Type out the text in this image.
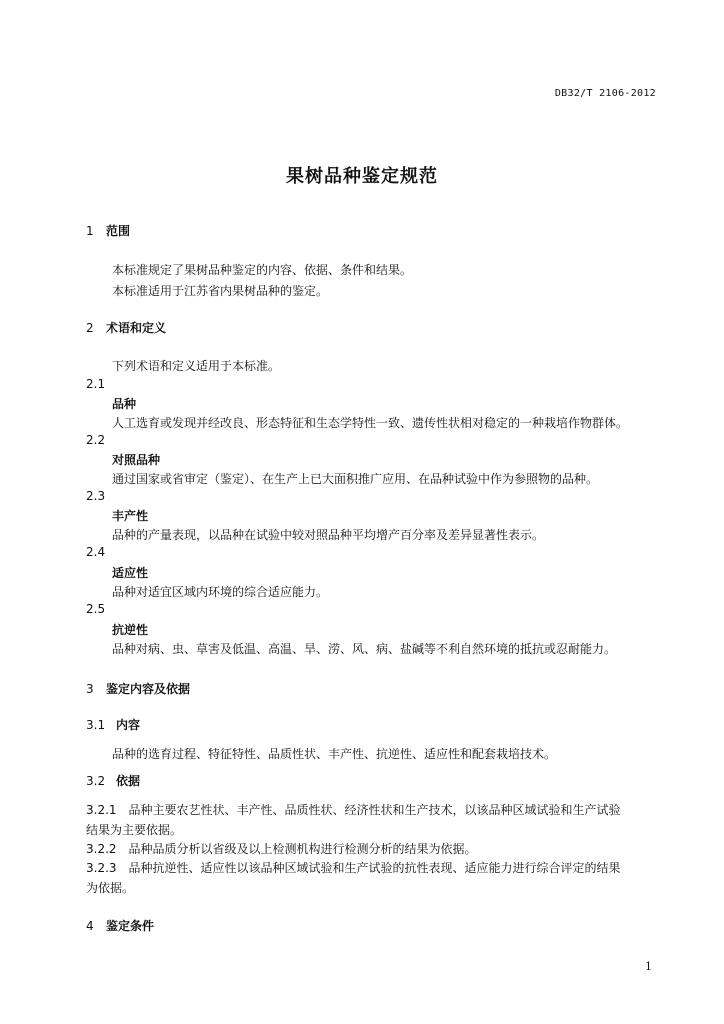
DB32/T 2106-2012
果树品种鉴定规范
1 范围
本标准规定了果树品种鉴定的内容、依据、条件和结果。
本标准适用于江苏省内果树品种的鉴定。
2 术语和定义
下列术语和定义适用于本标准。
2.1
品种
人工选育或发现并经改良、形态特征和生态学特性一致、遗传性状相对稳定的一种栽培作物群体。
2.2
对照品种
通过国家或省审定（鉴定）、在生产上已大面积推广应用、在品种试验中作为参照物的品种。
2.3
丰产性
品种的产量表现，以品种在试验中较对照品种平均增产百分率及差异显著性表示。
2.4
适应性
品种对适宜区域内环境的综合适应能力。
2.5
抗逆性
品种对病、虫、草害及低温、高温、旱、涝、风、病、盐碱等不利自然环境的抵抗或忍耐能力。
3 鉴定内容及依据
3.1 内容
品种的选育过程、特征特性、品质性状、丰产性、抗逆性、适应性和配套栽培技术。
3.2 依据
3.2.1　品种主要农艺性状、丰产性、品质性状、经济性状和生产技术，以该品种区域试验和生产试验
结果为主要依据。
3.2.2　品种品质分析以省级及以上检测机构进行检测分析的结果为依据。
3.2.3　品种抗逆性、适应性以该品种区域试验和生产试验的抗性表现、适应能力进行综合评定的结果
为依据。
4 鉴定条件
1
